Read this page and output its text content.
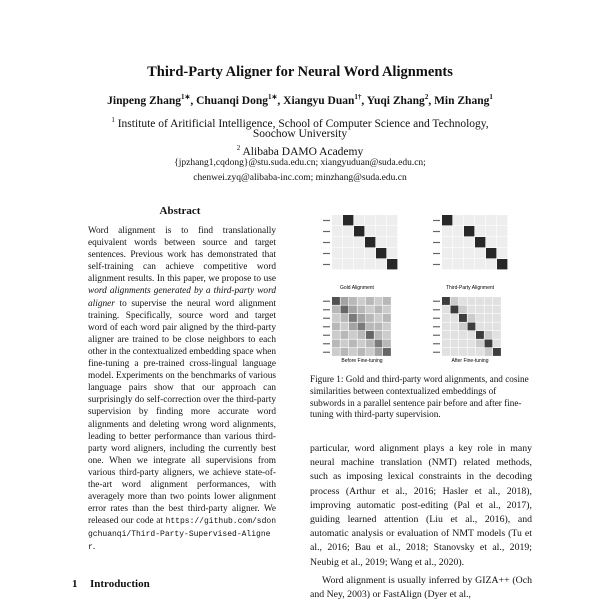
Third-Party Aligner for Neural Word Alignments
Jinpeng Zhang$^{1∗}$, Chuanqi Dong$^{1∗}$, Xiangyu Duan$^{1\dagger}$, Yuqi Zhang$^2$, Min Zhang$^1$
$^1$ Institute of Aritificial Intelligence, School of Computer Science and Technology,
Soochow University
$^2$ Alibaba DAMO Academy
{jpzhang1,cqdong}@stu.suda.edu.cn; xiangyuduan@suda.edu.cn;
chenwei.zyq@alibaba-inc.com; minzhang@suda.edu.cn
Abstract
Word alignment is to find translationally equivalent words between source and target sentences. Previous work has demonstrated that self-training can achieve competitive word alignment results. In this paper, we propose to use word alignments generated by a third-party word aligner to supervise the neural word alignment training. Specifically, source word and target word of each word pair aligned by the third-party aligner are trained to be close neighbors to each other in the contextualized embedding space when fine-tuning a pre-trained cross-lingual language model. Experiments on the benchmarks of various language pairs show that our approach can surprisingly do self-correction over the third-party supervision by finding more accurate word alignments and deleting wrong word alignments, leading to better performance than various third-party word aligners, including the currently best one. When we integrate all supervisions from various third-party aligners, we achieve state-of-the-art word alignment performances, with averagely more than two points lower alignment error rates than the best third-party aligner. We released our code at https://github.com/sdongchuanqi/Third-Party-Supervised-Aligner.
1 Introduction
Gold Alignment	Third-Party Alignment
Before Fine-tuning	After Fine-tuning
Figure 1: Gold and third-party word alignments, and cosine similarities between contextualized embeddings of subwords in a parallel sentence pair before and after fine-tuning with third-party supervision.

particular, word alignment plays a key role in many neural machine translation (NMT) related methods, such as imposing lexical constraints in the decoding process (Arthur et al., 2016; Hasler et al., 2018), improving automatic post-editing (Pal et al., 2017), guiding learned attention (Liu et al., 2016), and automatic analysis or evaluation of NMT models (Tu et al., 2016; Bau et al., 2018; Stanovsky et al., 2019; Neubig et al., 2019; Wang et al., 2020).

Word alignment is usually inferred by GIZA++ (Och and Ney, 2003) or FastAlign (Dyer et al.,
